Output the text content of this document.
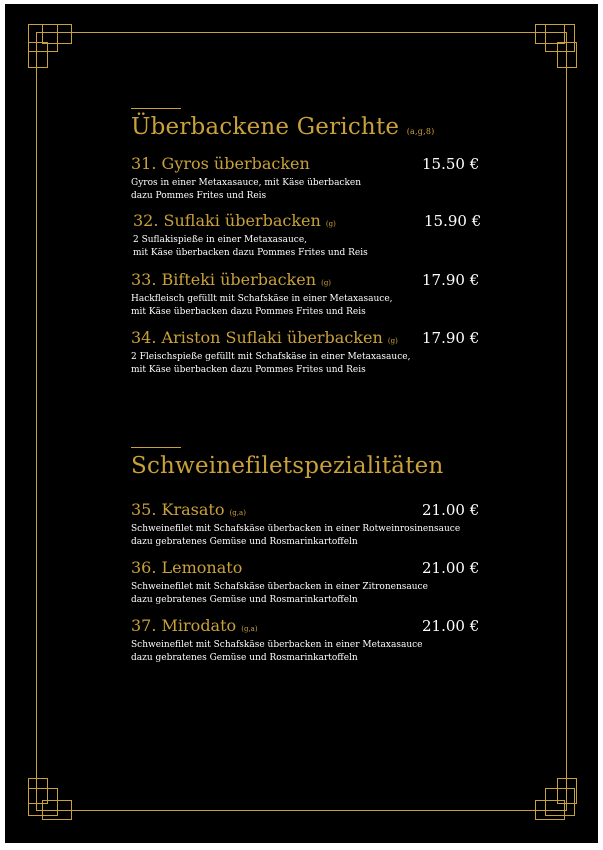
Überbackene Gerichte (a,g,8)
31. Gyros überbacken	15.50 €
Gyros in einer Metaxasauce, mit Käse überbacken
dazu Pommes Frites und Reis
32. Suflaki überbacken (g)	15.90 €
2 Suflakispieße in einer Metaxasauce,
mit Käse überbacken dazu Pommes Frites und Reis
33. Bifteki überbacken (g)	17.90 €
Hackfleisch gefüllt mit Schafskäse in einer Metaxasauce,
mit Käse überbacken dazu Pommes Frites und Reis
34. Ariston Suflaki überbacken (g) 17.90 €
2 Fleischspieße gefüllt mit Schafskäse in einer Metaxasauce,
mit Käse überbacken dazu Pommes Frites und Reis
Schweinefiletspezialitäten
35. Krasato (g,a)	21.00 €
Schweinefilet mit Schafskäse überbacken in einer Rotweinrosinensauce
dazu gebratenes Gemüse und Rosmarinkartoffeln
36. Lemonato	21.00 €
Schweinefilet mit Schafskäse überbacken in einer Zitronensauce
dazu gebratenes Gemüse und Rosmarinkartoffeln
37. Mirodato (g,a)	21.00 €
Schweinefilet mit Schafskäse überbacken in einer Metaxasauce
dazu gebratenes Gemüse und Rosmarinkartoffeln
